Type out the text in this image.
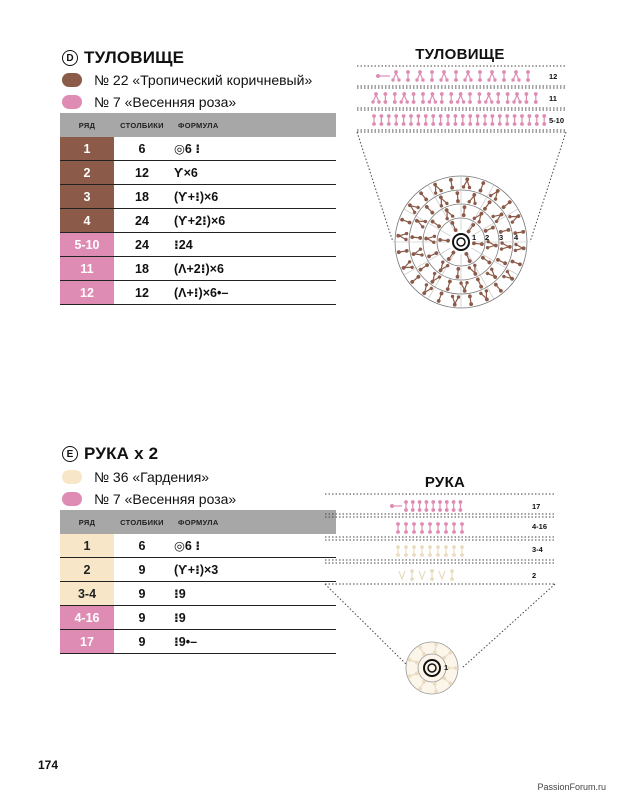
D ТУЛОВИЩЕ
№ 22 «Тропический коричневый»
№ 7 «Весенняя роза»
РЯД	СТОЛБИКИ	ФОРМУЛА
1	6	◎6 ⁝
2	12	Ƴ×6
3	18	(Ƴ+⁝)×6
4	24	(Ƴ+2⁝)×6
5-10	24	⁝24
11	18	(Ʌ+2⁝)×6
12	12	(Ʌ+⁝)×6•–
ТУЛОВИЩЕ
12
11
5-10
1 2 3 4
E РУКА х 2
№ 36 «Гардения»
№ 7 «Весенняя роза»
РЯД	СТОЛБИКИ	ФОРМУЛА
1	6	◎6 ⁝
2	9	(Ƴ+⁝)×3
3-4	9	⁝9
4-16	9	⁝9
17	9	⁝9•–
РУКА
17
4-16
3-4
2
1
174
PassionForum.ru
